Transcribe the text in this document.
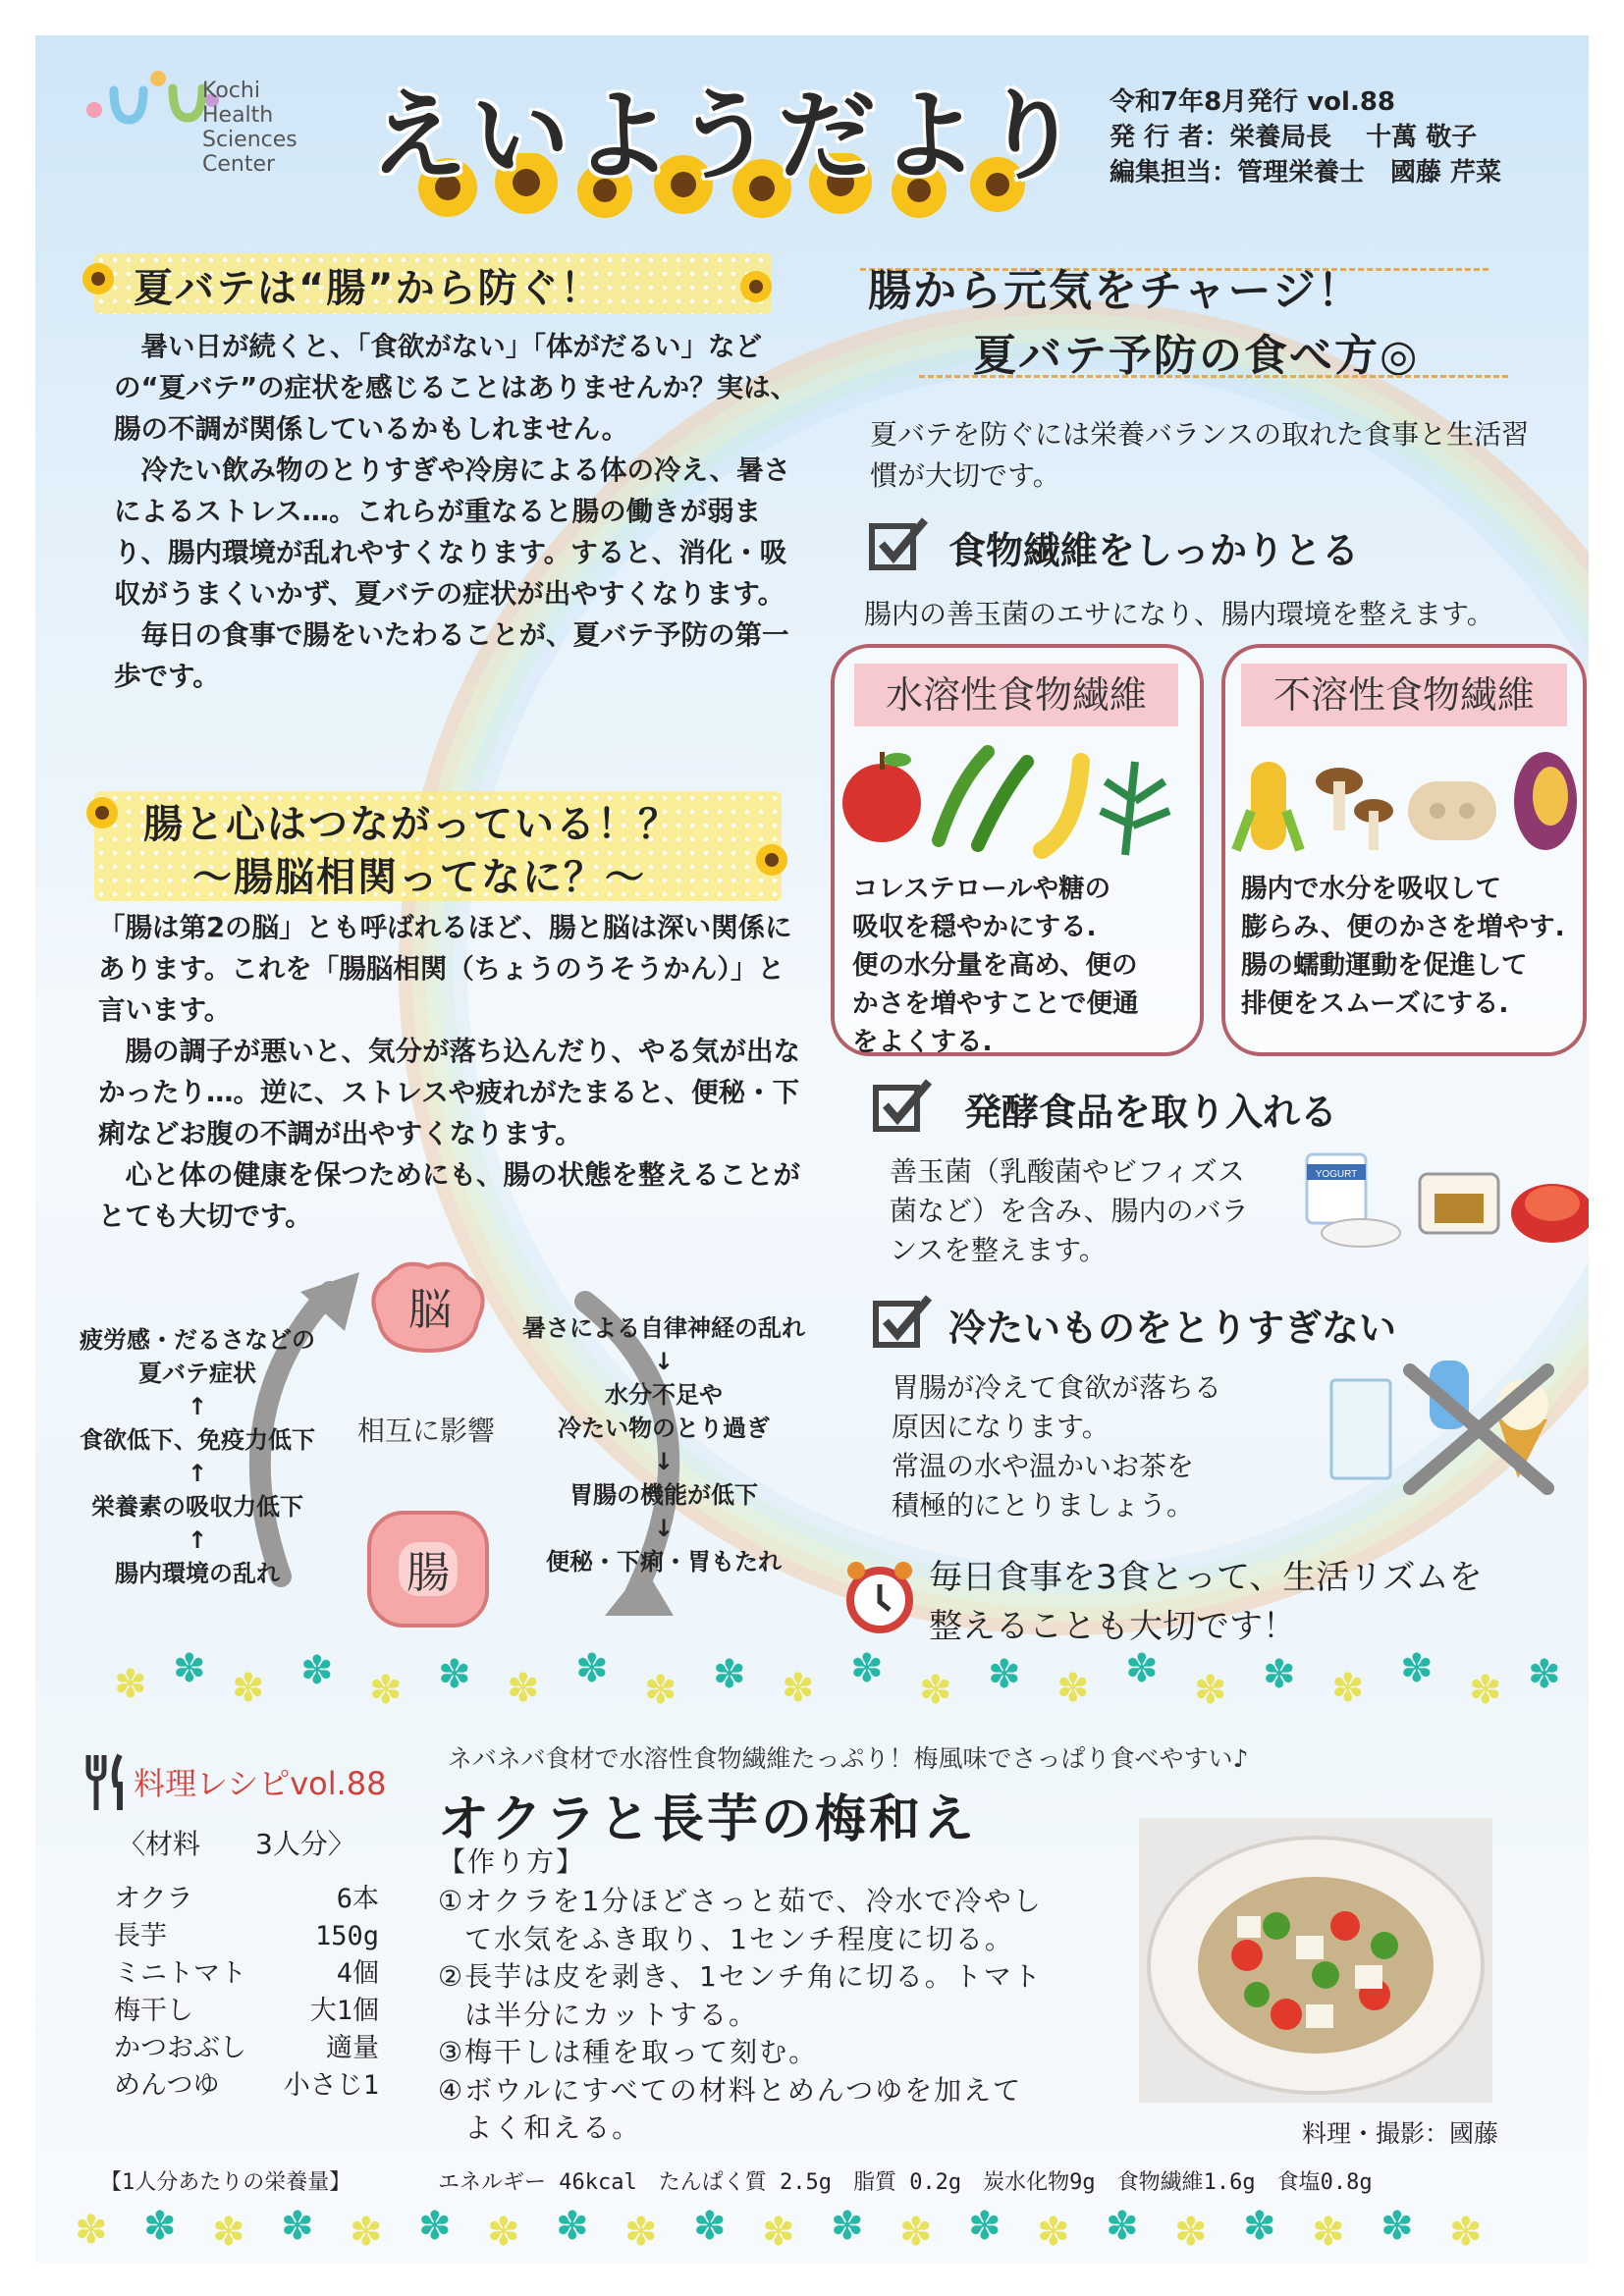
Kochi
Health
Sciences
Center えいようだより 令和7年8月発行 vol.88
発 行 者：栄養局長　 十萬 敬子
編集担当：管理栄養士　國藤 芹菜
夏バテは“腸”から防ぐ！

　暑い日が続くと、「食欲がない」「体がだるい」などの“夏バテ”の症状を感じることはありませんか？実は、腸の不調が関係しているかもしれません。

　冷たい飲み物のとりすぎや冷房による体の冷え、暑さによるストレス…。これらが重なると腸の働きが弱まり、腸内環境が乱れやすくなります。すると、消化・吸収がうまくいかず、夏バテの症状が出やすくなります。

　毎日の食事で腸をいたわることが、夏バテ予防の第一歩です。

腸と心はつながっている！？
～腸脳相関ってなに？～

「腸は第2の脳」とも呼ばれるほど、腸と脳は深い関係にあります。これを「腸脳相関（ちょうのうそうかん）」と言います。

　腸の調子が悪いと、気分が落ち込んだり、やる気が出なかったり…。逆に、ストレスや疲れがたまると、便秘・下痢などお腹の不調が出やすくなります。

　心と体の健康を保つためにも、腸の状態を整えることがとても大切です。

脳
相互に影響
腸
疲労感・だるさなどの
夏バテ症状
↑
食欲低下、免疫力低下
↑
栄養素の吸収力低下
↑
腸内環境の乱れ
暑さによる自律神経の乱れ
↓
水分不足や
冷たい物のとり過ぎ
↓
胃腸の機能が低下
↓
便秘・下痢・胃もたれ
腸から元気をチャージ！
夏バテ予防の食べ方◎
夏バテを防ぐには栄養バランスの取れた食事と生活習慣が大切です。
食物繊維をしっかりとる
腸内の善玉菌のエサになり、腸内環境を整えます。
水溶性食物繊維
コレステロールや糖の
吸収を穏やかにする.
便の水分量を高め、便の
かさを増やすことで便通
をよくする.
不溶性食物繊維
腸内で水分を吸収して
膨らみ、便のかさを増やす.
腸の蠕動運動を促進して
排便をスムーズにする.
発酵食品を取り入れる
善玉菌（乳酸菌やビフィズス
菌など）を含み、腸内のバラ
ンスを整えます。
YOGURT
冷たいものをとりすぎない
胃腸が冷えて食欲が落ちる
原因になります。
常温の水や温かいお茶を
積極的にとりましょう。
毎日食事を3食とって、生活リズムを
整えることも大切です！
✽ ✽ ✽ ✽ ✽ ✽ ✽ ✽ ✽ ✽ ✽ ✽ ✽ ✽ ✽ ✽ ✽ ✽ ✽ ✽ ✽ ✽
料理レシピvol.88
ネバネバ食材で水溶性食物繊維たっぷり！梅風味でさっぱり食べやすい♪
オクラと長芋の梅和え
〈材料　　3人分〉
オクラ	6本
長芋	150g
ミニトマト	4個
梅干し	大1個
かつおぶし	適量
めんつゆ 小さじ1
【作り方】
① オクラを1分ほどさっと茹で、冷水で冷やし
て水気をふき取り、1センチ程度に切る。
② 長芋は皮を剥き、1センチ角に切る。トマト
は半分にカットする。
③ 梅干しは種を取って刻む。
④ ボウルにすべての材料とめんつゆを加えて
よく和える。	料理・撮影：國藤
【1人分あたりの栄養量】	エネルギー 46kcal　たんぱく質 2.5g　脂質 0.2g　炭水化物9g　食物繊維1.6g　食塩0.8g
✽ ✽ ✽ ✽ ✽ ✽ ✽ ✽ ✽ ✽ ✽ ✽ ✽ ✽ ✽ ✽ ✽ ✽ ✽ ✽ ✽
